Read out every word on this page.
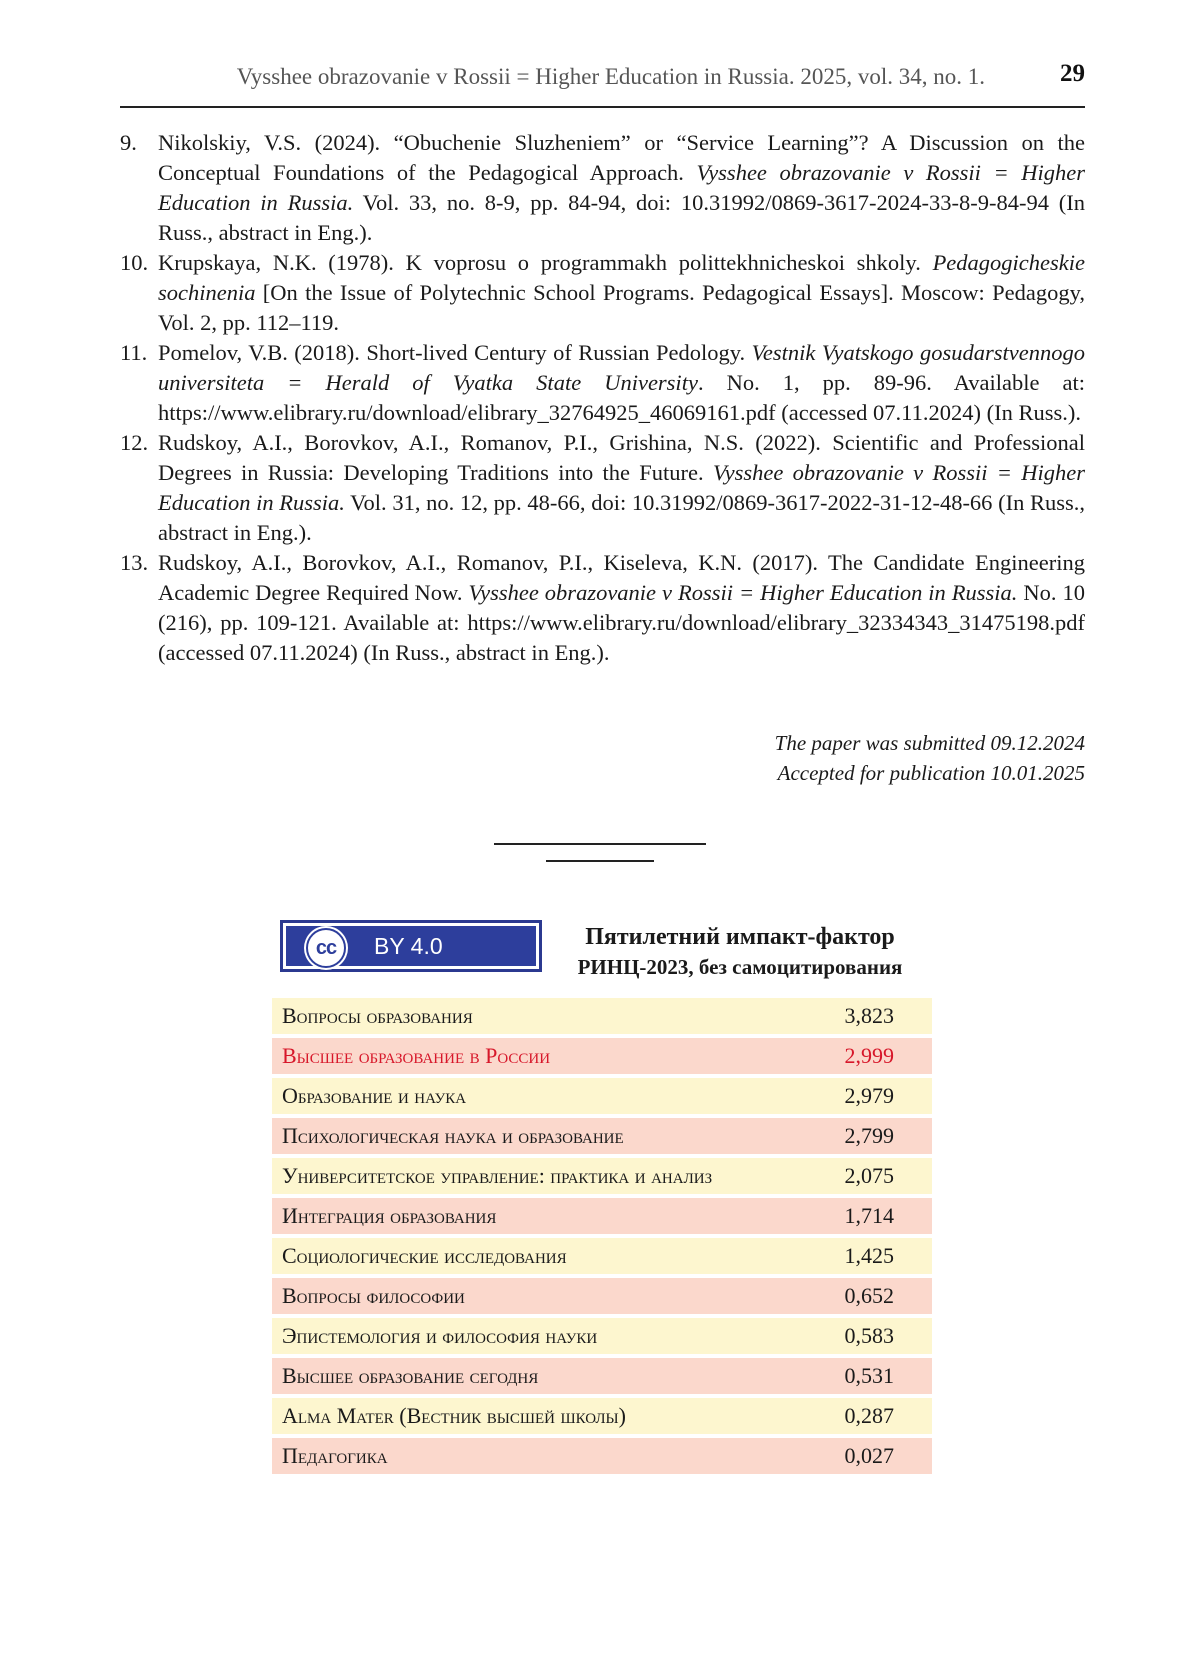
Vysshee obrazovanie v Rossii = Higher Education in Russia. 2025, vol. 34, no. 1.	29
9. Nikolskiy, V.S. (2024). “Obuchenie Sluzheniem” or “Service Learning”? A Discussion on the Conceptual Foundations of the Pedagogical Approach. Vysshee obrazovanie v Rossii = Higher Education in Russia. Vol. 33, no. 8-9, pp. 84-94, doi: 10.31992/0869-3617-2024-33-8-9-84-94 (In Russ., abstract in Eng.).
10. Krupskaya, N.K. (1978). K voprosu o programmakh polittekhnicheskoi shkoly. Pedagogicheskie sochinenia [On the Issue of Polytechnic School Programs. Pedagogical Essays]. Moscow: Pedagogy, Vol. 2, pp. 112–119.
11. Pomelov, V.B. (2018). Short-lived Century of Russian Pedology. Vestnik Vyatskogo gosudarstvennogo universiteta = Herald of Vyatka State University. No. 1, pp. 89-96. Available at: https://www.elibrary.ru/download/elibrary_32764925_46069161.pdf (accessed 07.11.2024) (In Russ.).
12. Rudskoy, A.I., Borovkov, A.I., Romanov, P.I., Grishina, N.S. (2022). Scientific and Professional Degrees in Russia: Developing Traditions into the Future. Vysshee obrazovanie v Rossii = Higher Education in Russia. Vol. 31, no. 12, pp. 48-66, doi: 10.31992/0869-3617-2022-31-12-48-66 (In Russ., abstract in Eng.).
13. Rudskoy, A.I., Borovkov, A.I., Romanov, P.I., Kiseleva, K.N. (2017). The Candidate Engineering Academic Degree Required Now. Vysshee obrazovanie v Rossii = Higher Education in Russia. No. 10 (216), pp. 109-121. Available at: https://www.elibrary.ru/download/elibrary_32334343_31475198.pdf (accessed 07.11.2024) (In Russ., abstract in Eng.).
The paper was submitted 09.12.2024
Accepted for publication 10.01.2025
cc	BY 4.0	Пятилетний импакт-фактор
РИНЦ-2023, без самоцитирования
Вопросы образования	3,823
Высшее образование в России	2,999
Образование и наука	2,979
Психологическая наука и образование	2,799
Университетское управление: практика и анализ	2,075
Интеграция образования	1,714
Социологические исследования	1,425
Вопросы философии	0,652
Эпистемология и философия науки	0,583
Высшее образование сегодня	0,531
Alma Mater (Вестник высшей школы)	0,287
Педагогика	0,027
